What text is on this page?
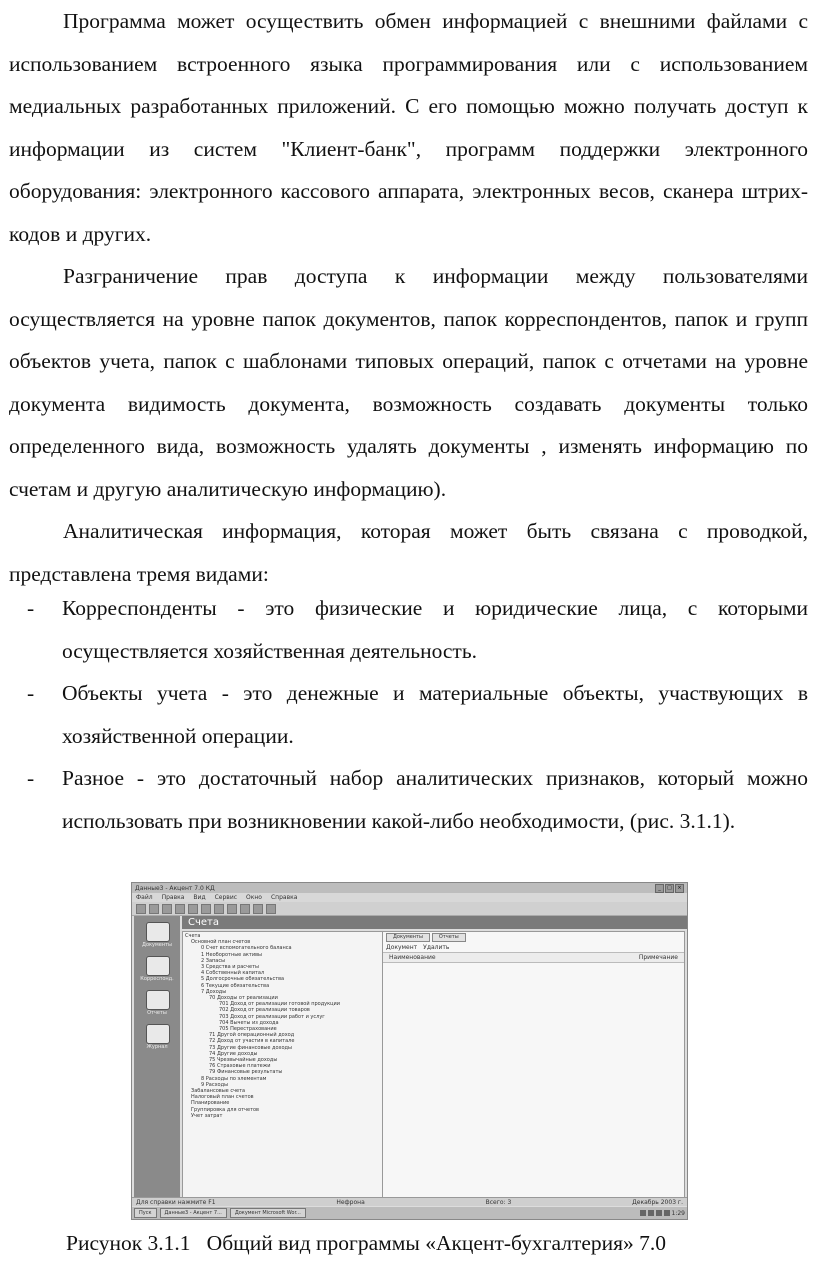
Программа может осуществить обмен информацией с внешними файлами с использованием встроенного языка программирования или с использованием медиальных разработанных приложений. С его помощью можно получать доступ к информации из систем "Клиент-банк", программ поддержки электронного оборудования: электронного кассового аппарата, электронных весов, сканера штрих-кодов и других.

Разграничение прав доступа к информации между пользователями осуществляется на уровне папок документов, папок корреспондентов, папок и групп объектов учета, папок с шаблонами типовых операций, папок с отчетами на уровне документа видимость документа, возможность создавать документы только определенного вида, возможность удалять документы , изменять информацию по счетам и другую аналитическую информацию).

Аналитическая информация, которая может быть связана с проводкой, представлена тремя видами:

- Корреспонденты - это физические и юридические лица, с которыми осуществляется хозяйственная деятельность.
- Объекты учета - это денежные и материальные объекты, участвующих в хозяйственной операции.
- Разное - это достаточный набор аналитических признаков, который можно использовать при возникновении какой-либо необходимости, (рис. 3.1.1).
Данные3 - Акцент 7.0 КД	_	□	×
Файл Правка Вид Сервис Окно Справка
Документы
Корреспонд.
Отчеты
Журнал
Счета
Счета
Основной план счетов
0 Счет вспомогательного баланса
1 Необоротные активы
2 Запасы
3 Средства и расчеты
4 Собственный капитал
5 Долгосрочные обязательства
6 Текущие обязательства
7 Доходы
70 Доходы от реализации
701 Доход от реализации готовой продукции
702 Доход от реализации товаров
703 Доход от реализации работ и услуг
704 Вычеты из дохода
705 Перестрахование
71 Другой операционный доход
72 Доход от участия в капитале
73 Другие финансовые доходы
74 Другие доходы
75 Чрезвычайные доходы
76 Страховые платежи
79 Финансовые результаты
8 Расходы по элементам
9 Расходы
Забалансовые счета
Налоговый план счетов
Планирование
Группировка для отчетов
Учет затрат
Документы	Отчеты
Документ Удалить
Наименование	Примечание
Для справки нажмите F1	Нефрона	Всего: 3	Декабрь 2003 г.
Пуск	Данные3 - Акцент 7...	Документ Microsoft Wor...	1:29
Рисунок 3.1.1   Общий вид программы «Акцент-бухгалтерия» 7.0
